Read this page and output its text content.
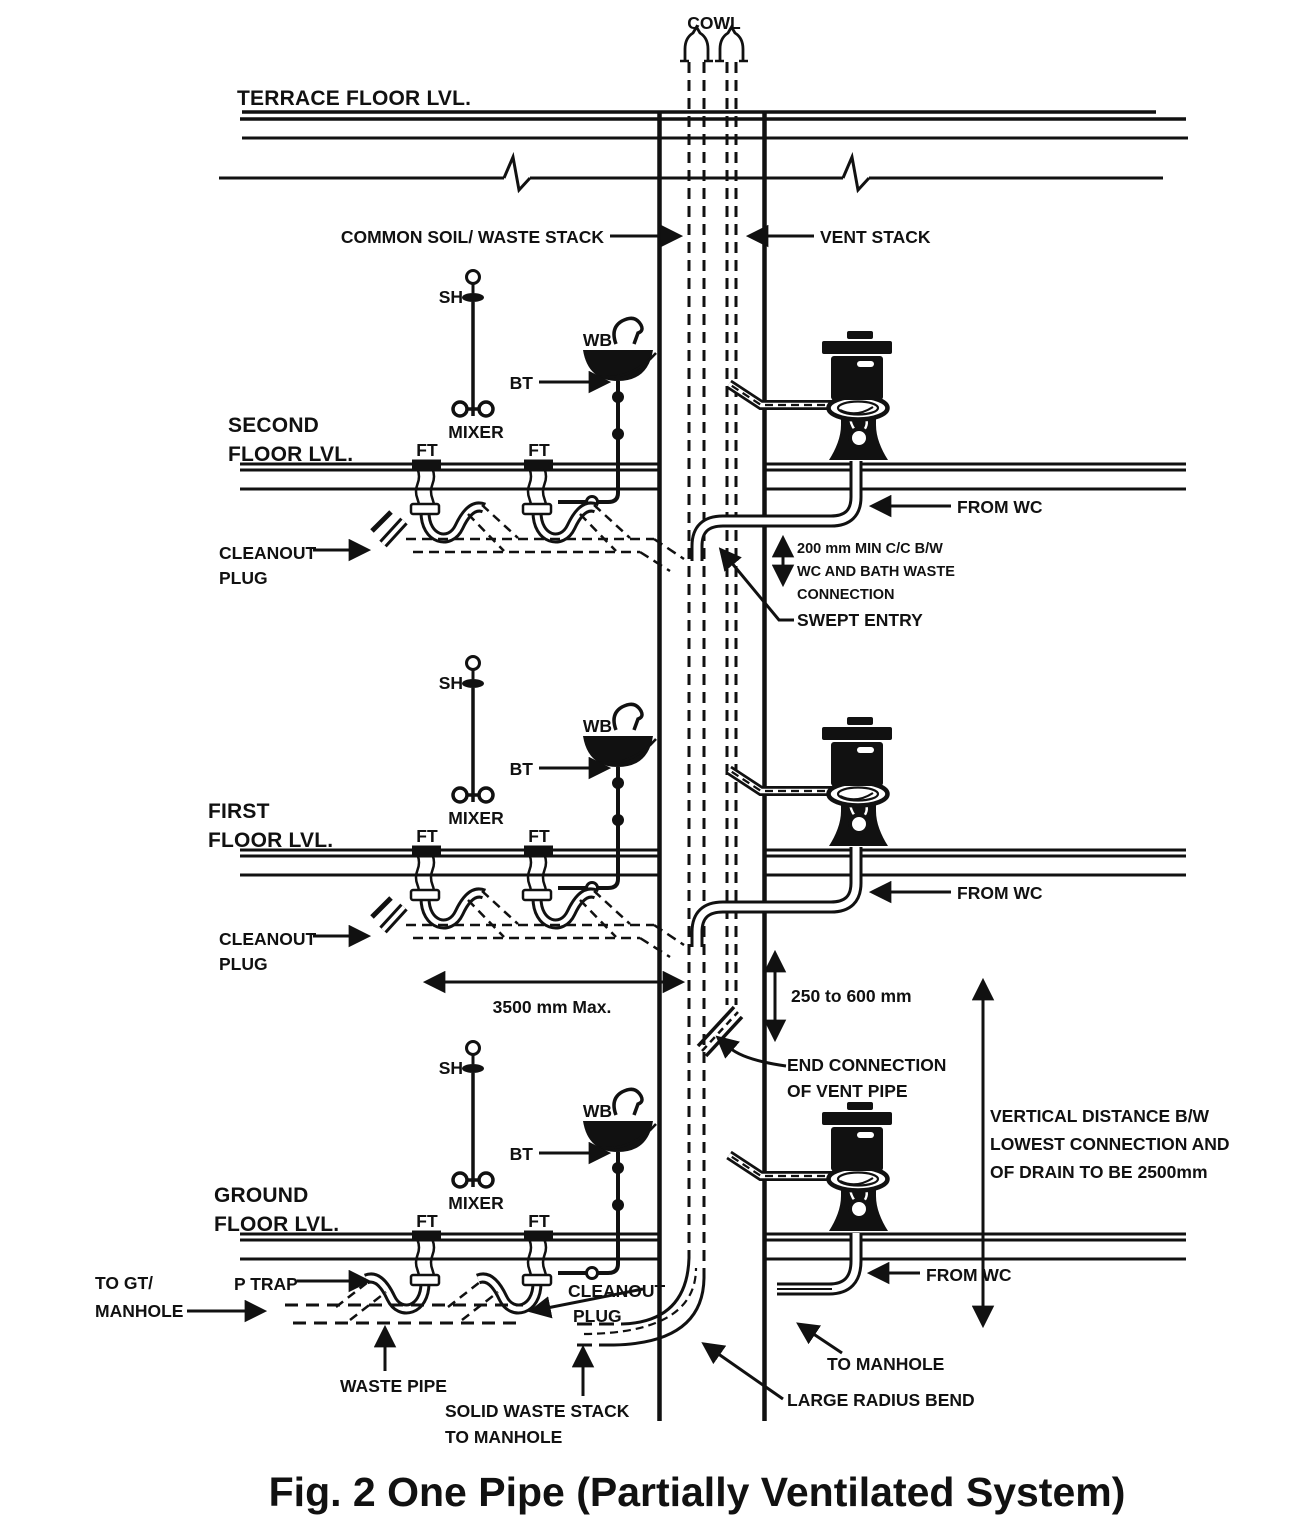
TERRACE FLOOR LVL.
COWL
COMMON SOIL/ WASTE STACK	VENT STACK
SECOND
FLOOR LVL.
FIRST
FLOOR LVL.
200 mm MIN C/C B/W
WC AND BATH WASTE
CONNECTION
SWEPT ENTRY
3500 mm Max.
250 to 600 mm
END CONNECTION
OF VENT PIPE
VERTICAL DISTANCE B/W
LOWEST CONNECTION AND
OF DRAIN TO BE 2500mm
FROM WC
CLEANOUT
PLUG
GROUND
FLOOR LVL.
TO GT/
MANHOLE
P TRAP
WASTE PIPE
SOLID WASTE STACK
TO MANHOLE
LARGE RADIUS BEND
TO MANHOLE
Fig. 2 One Pipe (Partially Ventilated System)
